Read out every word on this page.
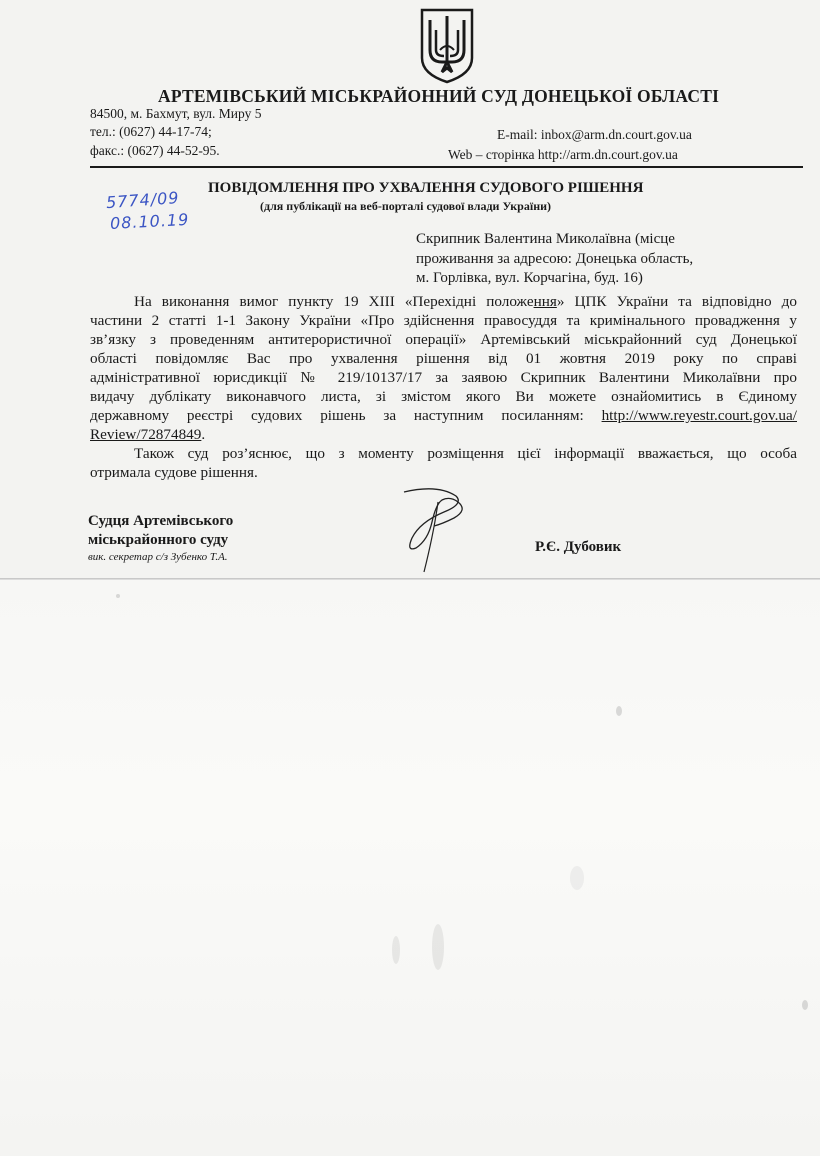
АРТЕМІВСЬКИЙ МІСЬКРАЙОННИЙ СУД ДОНЕЦЬКОЇ ОБЛАСТІ
84500, м. Бахмут, вул. Миру 5
тел.: (0627) 44-17-74;
факс.: (0627) 44-52-95.
E-mail: inbox@arm.dn.court.gov.ua
Web – сторінка http://arm.dn.court.gov.ua
5774/09
08.10.19
ПОВІДОМЛЕННЯ ПРО УХВАЛЕННЯ СУДОВОГО РІШЕННЯ
(для публікації на веб-порталі судової влади України)
Скрипник Валентина Миколаївна (місце
проживання за адресою: Донецька область,
м. Горлівка, вул. Корчагіна, буд. 16)

На виконання вимог пункту 19 ХІІІ «Перехідні положення» ЦПК України та відповідно до

частини 2 статті 1-1 Закону України «Про здійснення правосуддя та кримінального провадження у
зв’язку з проведенням антитерористичної операції» Артемівський міськрайонний суд Донецької
області повідомляє Вас про ухвалення рішення від 01 жовтня 2019 року по справі
адміністративної юрисдикції № 219/10137/17 за заявою Скрипник Валентини Миколаївни про
видачу дублікату виконавчого листа, зі змістом якого Ви можете ознайомитись в Єдиному
державному реєстрі судових рішень за наступним посиланням: http://www.reyestr.court.gov.ua/
Review/72874849.

Також суд роз’яснює, що з моменту розміщення цієї інформації вважається, що особа

отримала судове рішення.
Судця Артемівського
міськрайонного суду
вик. секретар с/з Зубенко Т.А.
Р.Є. Дубовик
